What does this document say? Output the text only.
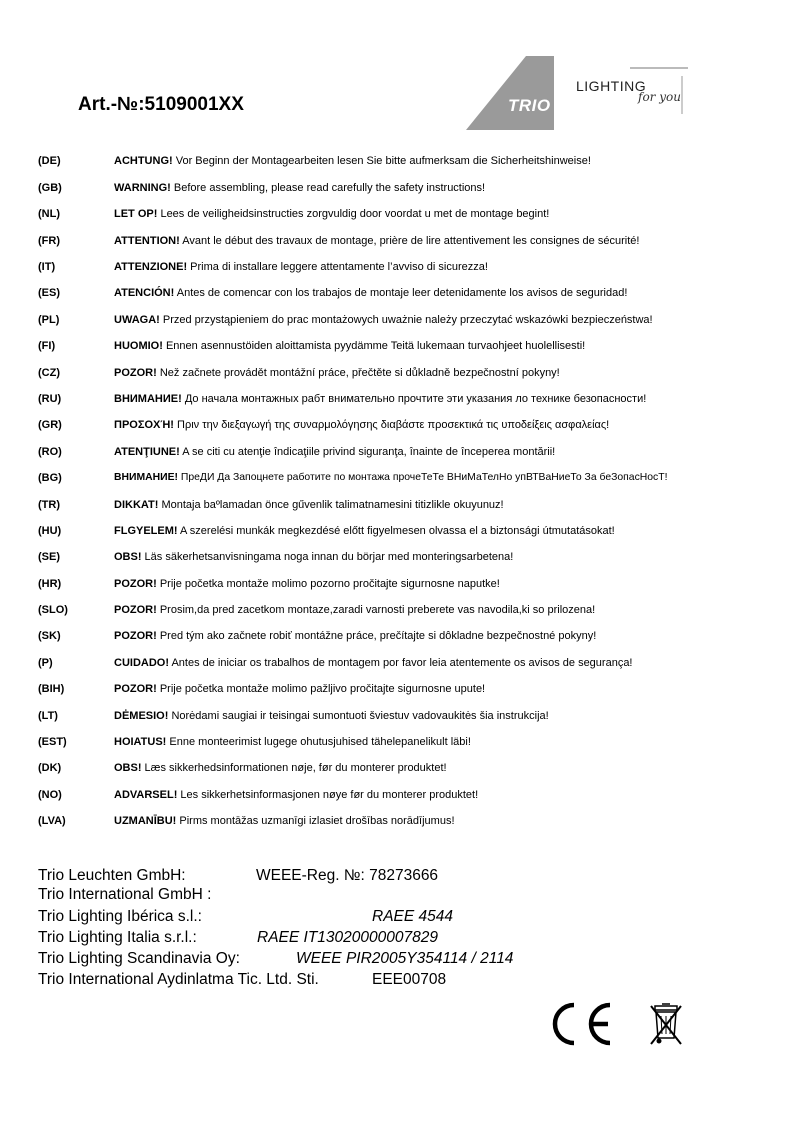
Art.-№:5109001XX	TRIO
LIGHTING
for you
(DE)	ACHTUNG! Vor Beginn der Montagearbeiten lesen Sie bitte aufmerksam die Sicherheitshinweise!
(GB)	WARNING! Before assembling, please read carefully the safety instructions!
(NL)	LET OP! Lees de veiligheidsinstructies zorgvuldig door voordat u met de montage begint!
(FR)	ATTENTION! Avant le début des travaux de montage, prière de lire attentivement les consignes de sécurité!
(IT)	ATTENZIONE! Prima di installare leggere attentamente l’avviso di sicurezza!
(ES)	ATENCIÓN! Antes de comencar con los trabajos de montaje leer detenidamente los avisos de seguridad!
(PL)	UWAGA! Przed przystąpieniem do prac montażowych uważnie należy przeczytać wskazówki bezpieczeństwa!
(FI)	HUOMIO! Ennen asennustöiden aloittamista pyydämme Teitä lukemaan turvaohjeet huolellisesti!
(CZ)	POZOR! Než začnete provádět montážní práce, přečtěte si důkladně bezpečnostní pokyny!
(RU)	ВНИМАНИЕ! До начала монтажных рабт внимательно прочтите эти указания ло технике безопасности!
(GR)	ΠΡΟΣΟΧΉ! Πριν την διεξαγωγή της συναρμολόγησης διαβάστε προσεκτικά τις υποδείξεις ασφαλείας!
(RO)	ATENŢIUNE! A se citi cu atenţie îndicaţiile privind siguranţa, înainte de începerea montării!
(BG)	ВНИМАНИЕ! ПреДИ Да Запоцнете работите по монтажа прочеТеТе ВНиМаТелНо упВТВаНиеТо За беЗопасНосТ!
(TR)	DIKKAT! Montaja baºlamadan önce gűvenlik talimatnamesini titizlikle okuyunuz!
(HU)	FLGYELEM! A szerelési munkák megkezdésé előtt figyelmesen olvassa el a biztonsági útmutatásokat!
(SE)	OBS! Läs säkerhetsanvisningama noga innan du börjar med monteringsarbetena!
(HR)	POZOR! Prije početka montaže molimo pozorno pročitajte sigurnosne naputke!
(SLO)	POZOR! Prosim,da pred zacetkom montaze,zaradi varnosti preberete vas navodila,ki so prilozena!
(SK)	POZOR! Pred tým ako začnete robiť montážne práce, prečítajte si dôkladne bezpečnostné pokyny!
(P)	CUIDADO! Antes de iniciar os trabalhos de montagem por favor leia atentemente os avisos de segurança!
(BIH)	POZOR! Prije početka montaže molimo pažljivo pročitajte sigurnosne upute!
(LT)	DĖMESIO! Norėdami saugiai ir teisingai sumontuoti šviestuv vadovaukitės šia instrukcija!
(EST)	HOIATUS! Enne monteerimist lugege ohutusjuhised tähelepanelikult läbi!
(DK)	OBS! Læs sikkerhedsinformationen nøje, før du monterer produktet!
(NO)	ADVARSEL! Les sikkerhetsinformasjonen nøye før du monterer produktet!
(LVA)	UZMANĪBU! Pirms montāžas uzmanīgi izlasiet drošības norādījumus!
Trio Leuchten GmbH:	WEEE-Reg. №: 78273666
Trio International GmbH :
Trio Lighting Ibérica s.l.:	RAEE 4544
Trio Lighting Italia s.r.l.:	RAEE IT13020000007829
Trio Lighting Scandinavia Oy:	WEEE PIR2005Y354114 / 2114
Trio International Aydinlatma Tic. Ltd. Sti.	EEE00708
